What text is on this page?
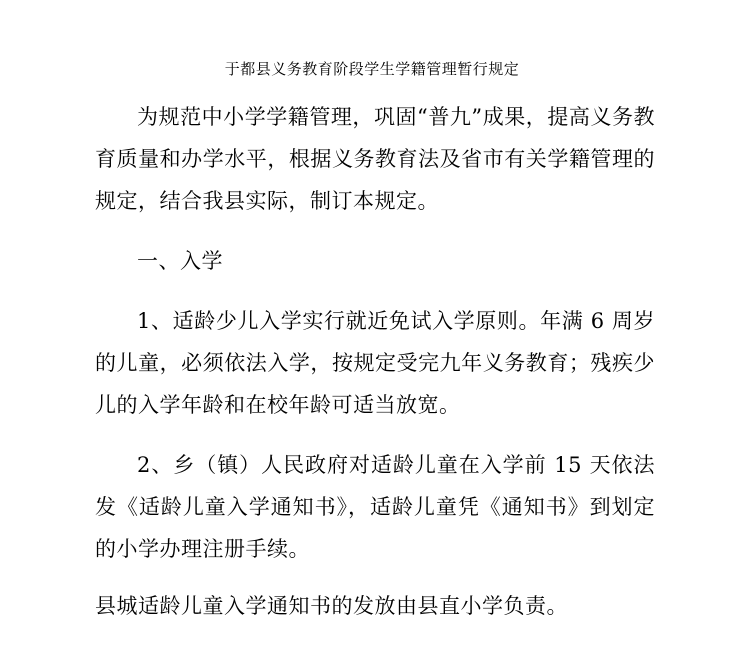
于都县义务教育阶段学生学籍管理暂行规定

为规范中小学学籍管理，巩固“普九”成果，提高义务教育质量和办学水平，根据义务教育法及省市有关学籍管理的规定，结合我县实际，制订本规定。

一、入学

1、适龄少儿入学实行就近免试入学原则。年满 6 周岁的儿童，必须依法入学，按规定受完九年义务教育；残疾少儿的入学年龄和在校年龄可适当放宽。

2、乡（镇）人民政府对适龄儿童在入学前 15 天依法发《适龄儿童入学通知书》，适龄儿童凭《通知书》到划定的小学办理注册手续。

县城适龄儿童入学通知书的发放由县直小学负责。
